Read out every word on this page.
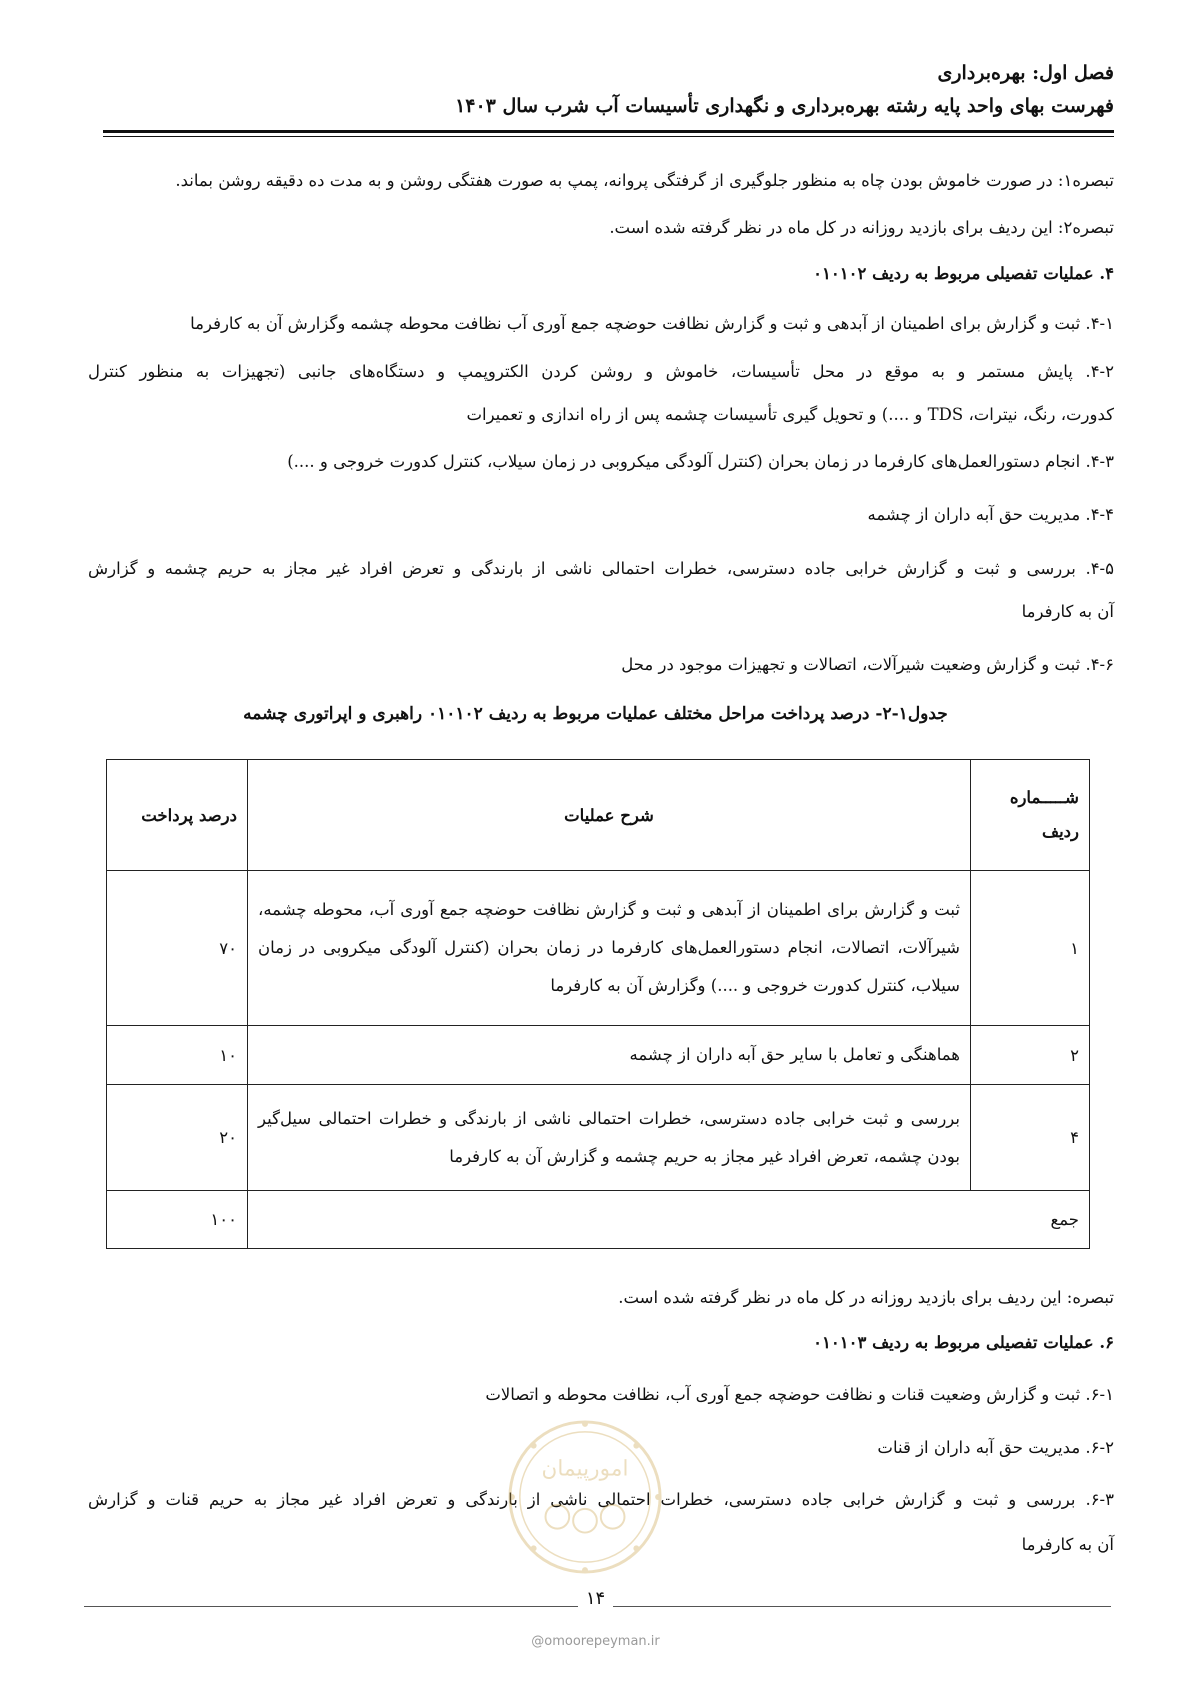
فصل اول: بهره‌برداری
فهرست بهای واحد پایه رشته بهره‌برداری و نگهداری تأسیسات آب شرب سال ۱۴۰۳
تبصره۱: در صورت خاموش بودن چاه به منظور جلوگیری از گرفتگی پروانه، پمپ به صورت هفتگی روشن و به مدت ده دقیقه روشن بماند.
تبصره۲: این ردیف برای بازدید روزانه در کل ماه در نظر گرفته شده است.
۴. عملیات تفصیلی مربوط به ردیف ۰۱۰۱۰۲
۴-۱. ثبت و گزارش برای اطمینان از آبدهی و ثبت و گزارش نظافت حوضچه جمع آوری آب نظافت محوطه چشمه وگزارش آن به کارفرما
۴-۲. پایش مستمر و به موقع در محل تأسیسات، خاموش و روشن کردن الکتروپمپ و دستگاه‌های جانبی (تجهیزات به منظور کنترل
کدورت، رنگ، نیترات، TDS و ....) و تحویل گیری تأسیسات چشمه پس از راه اندازی و تعمیرات
۴-۳. انجام دستورالعمل‌های کارفرما در زمان بحران (کنترل آلودگی میکروبی در زمان سیلاب، کنترل کدورت خروجی و ....)
۴-۴. مدیریت حق آبه داران از چشمه
۴-۵. بررسی و ثبت و گزارش خرابی جاده دسترسی، خطرات احتمالی ناشی از بارندگی و تعرض افراد غیر مجاز به حریم چشمه و گزارش
آن به کارفرما
۴-۶. ثبت و گزارش وضعیت شیرآلات، اتصالات و تجهیزات موجود در محل
جدول۱-۲- درصد پرداخت مراحل مختلف عملیات مربوط به ردیف ۰۱۰۱۰۲ راهبری و اپراتوری چشمه
شـــــماره
ردیف	شرح عملیات	درصد پرداخت
۱	ثبت و گزارش برای اطمینان از آبدهی و ثبت و گزارش نظافت حوضچه جمع آوری آب، محوطه چشمه، شیرآلات، اتصالات، انجام دستورالعمل‌های کارفرما در زمان بحران (کنترل آلودگی میکروبی در زمان سیلاب، کنترل کدورت خروجی و ....) وگزارش آن به کارفرما	۷۰
۲	هماهنگی و تعامل با سایر حق آبه داران از چشمه	۱۰
۴	بررسی و ثبت خرابی جاده دسترسی، خطرات احتمالی ناشی از بارندگی و خطرات احتمالی سیل‌گیر بودن چشمه، تعرض افراد غیر مجاز به حریم چشمه و گزارش آن به کارفرما	۲۰
جمع		۱۰۰
تبصره: این ردیف برای بازدید روزانه در کل ماه در نظر گرفته شده است.
۶. عملیات تفصیلی مربوط به ردیف ۰۱۰۱۰۳
۶-۱. ثبت و گزارش وضعیت قنات و نظافت حوضچه جمع آوری آب، نظافت محوطه و اتصالات
۶-۲. مدیریت حق آبه داران از قنات
۶-۳. بررسی و ثبت و گزارش خرابی جاده دسترسی، خطرات احتمالی ناشی از بارندگی و تعرض افراد غیر مجاز به حریم قنات و گزارش
آن به کارفرما
امورپیمان
۱۴
@omoorepeyman.ir
